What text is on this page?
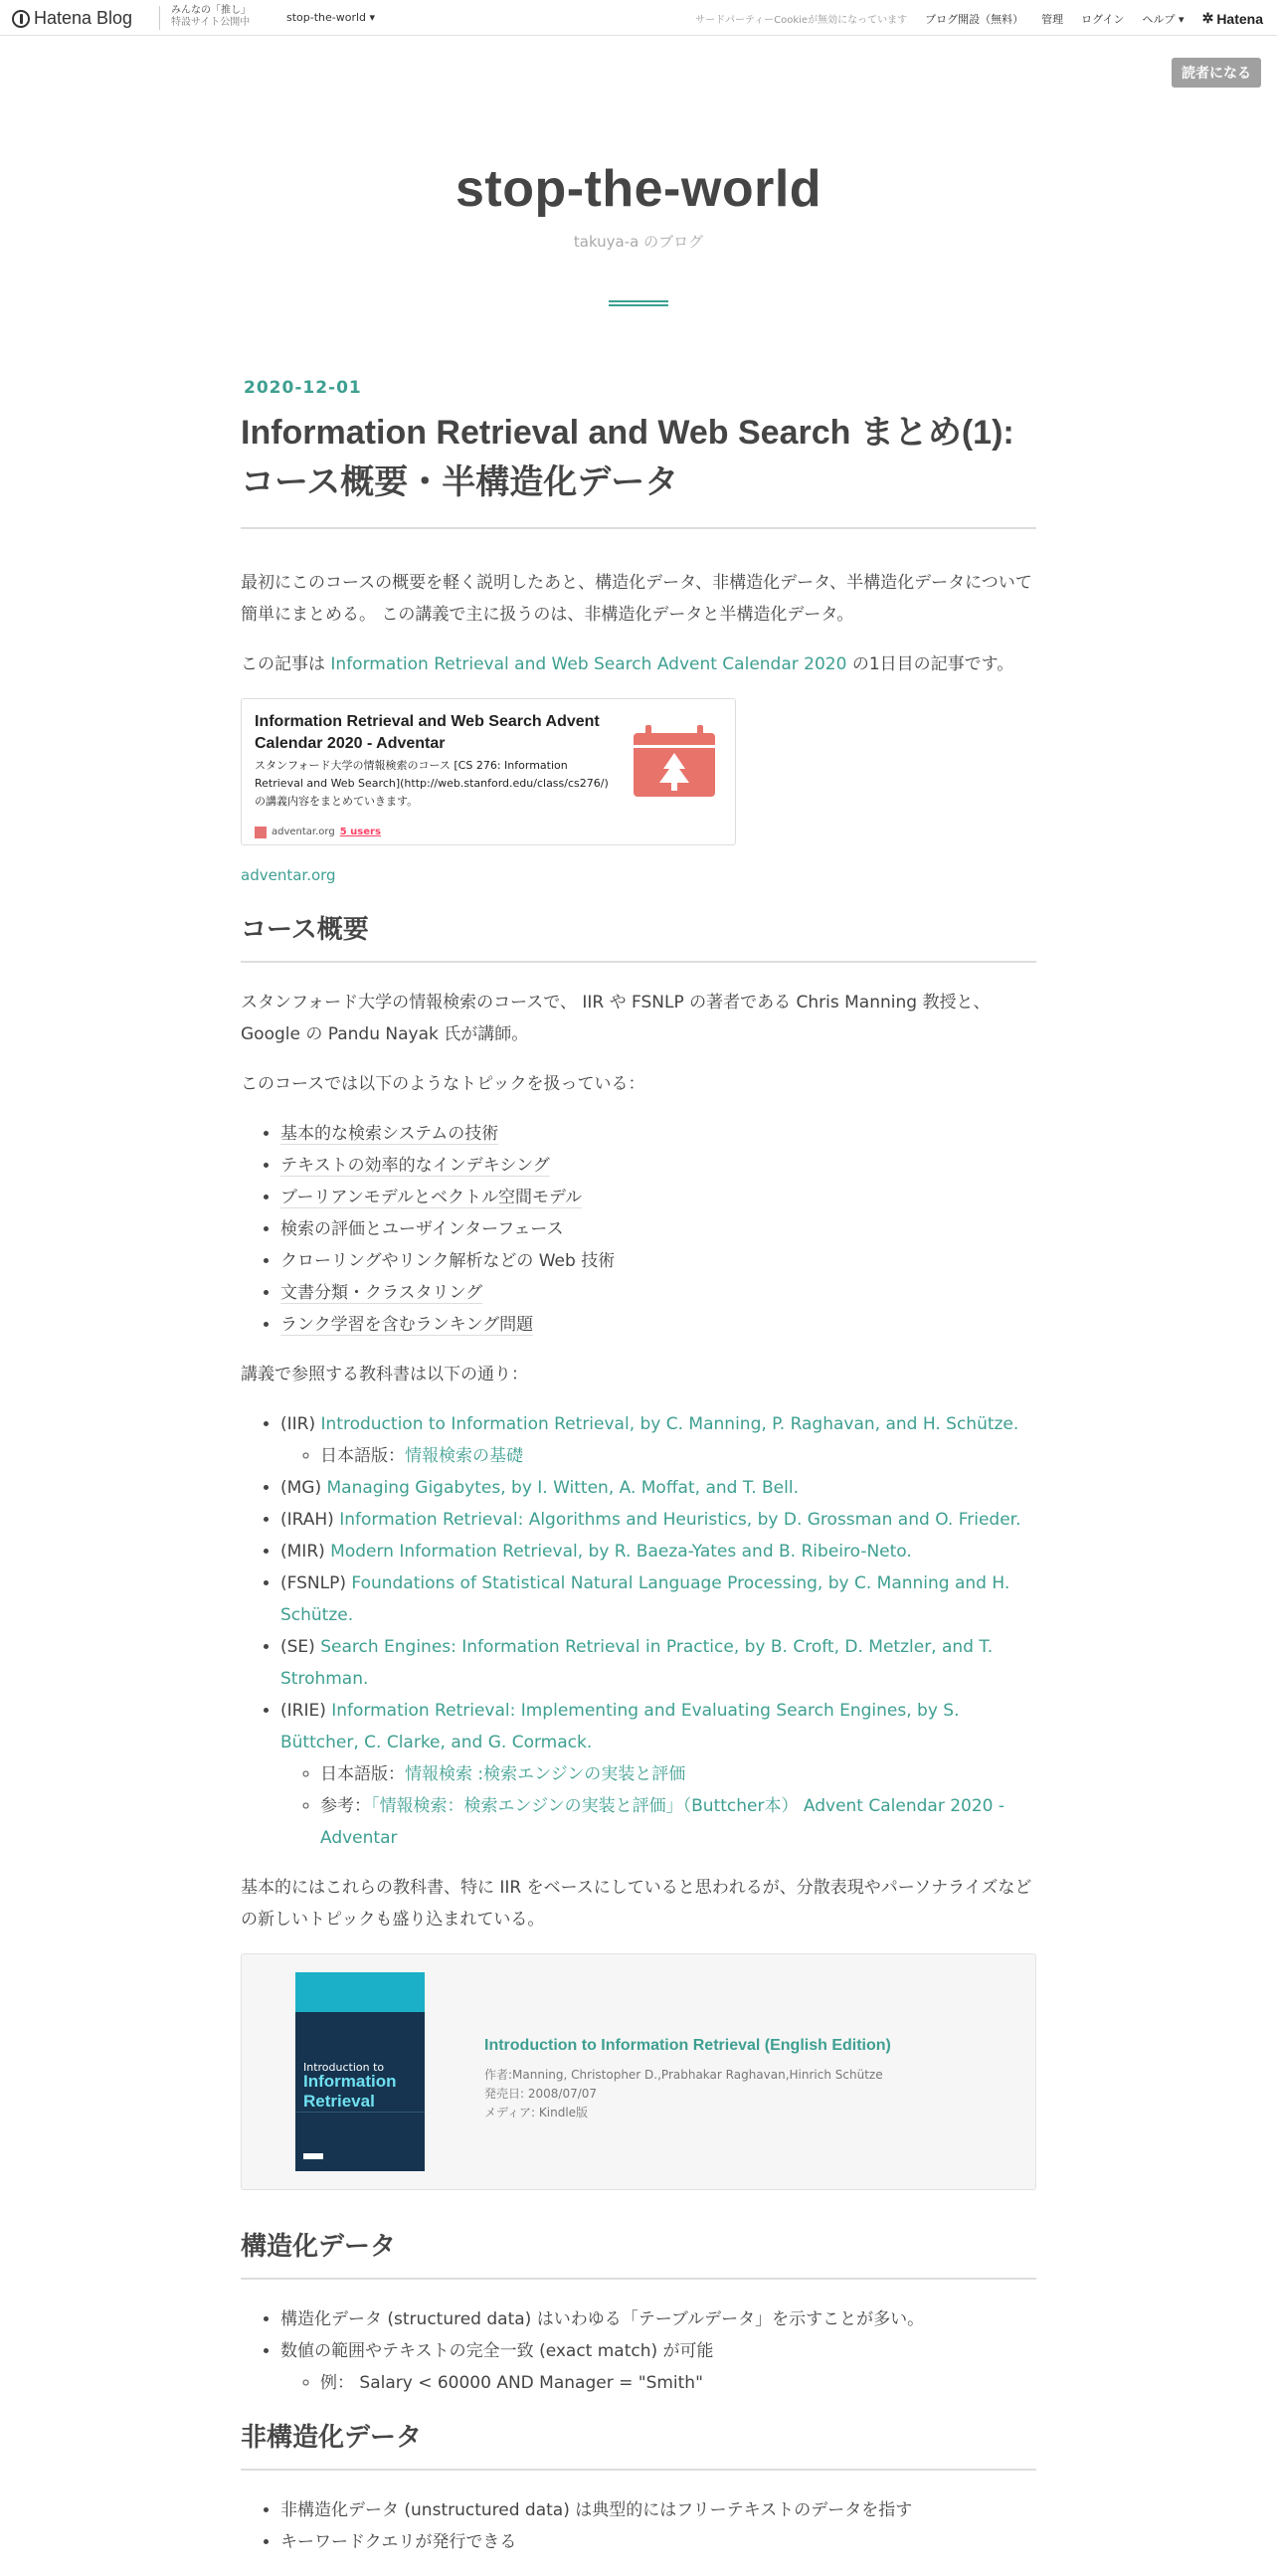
Hatena Blog	みんなの「推し」
特設サイト公開中	stop-the-world ▾	サードパーティーCookieが無効になっています ブログ開設（無料） 管理 ログイン ヘルプ ▾ ✲ Hatena
読者になる
stop-the-world
takuya-a のブログ
2020-12-01
Information Retrieval and Web Search まとめ(1): コース概要・半構造化データ

最初にこのコースの概要を軽く説明したあと、構造化データ、非構造化データ、半構造化データについて簡単にまとめる。 この講義で主に扱うのは、非構造化データと半構造化データ。

この記事は Information Retrieval and Web Search Advent Calendar 2020 の1日目の記事です。

Information Retrieval and Web Search Advent Calendar 2020 - Adventar
スタンフォード大学の情報検索のコース [CS 276: Information Retrieval and Web Search](http://web.stanford.edu/class/cs276/) の講義内容をまとめていきます。
adventar.org 5 users

adventar.org

コース概要

スタンフォード大学の情報検索のコースで、 IIR や FSNLP の著者である Chris Manning 教授と、Google の Pandu Nayak 氏が講師。

このコースでは以下のようなトピックを扱っている：

• 基本的な検索システムの技術
• テキストの効率的なインデキシング
• ブーリアンモデルとベクトル空間モデル
• 検索の評価とユーザインターフェース
• クローリングやリンク解析などの Web 技術
• 文書分類・クラスタリング
• ランク学習を含むランキング問題

講義で参照する教科書は以下の通り：

• (IIR) Introduction to Information Retrieval, by C. Manning, P. Raghavan, and H. Schütze.
◦ 日本語版：情報検索の基礎
• (MG) Managing Gigabytes, by I. Witten, A. Moffat, and T. Bell.
• (IRAH) Information Retrieval: Algorithms and Heuristics, by D. Grossman and O. Frieder.
• (MIR) Modern Information Retrieval, by R. Baeza-Yates and B. Ribeiro-Neto.
• (FSNLP) Foundations of Statistical Natural Language Processing, by C. Manning and H. Schütze.
• (SE) Search Engines: Information Retrieval in Practice, by B. Croft, D. Metzler, and T. Strohman.
• (IRIE) Information Retrieval: Implementing and Evaluating Search Engines, by S. Büttcher, C. Clarke, and G. Cormack.
◦ 日本語版：情報検索 :検索エンジンの実装と評価
◦ 参考：「情報検索：検索エンジンの実装と評価」（Buttcher本） Advent Calendar 2020 - Adventar

基本的にはこれらの教科書、特に IIR をベースにしていると思われるが、分散表現やパーソナライズなどの新しいトピックも盛り込まれている。

Introduction to
Information
Retrieval
Introduction to Information Retrieval (English Edition)
作者:Manning, Christopher D.,Prabhakar Raghavan,Hinrich Schütze
発売日: 2008/07/07
メディア: Kindle版
構造化データ
• 構造化データ (structured data) はいわゆる「テーブルデータ」を示すことが多い。
• 数値の範囲やテキストの完全一致 (exact match) が可能
◦ 例： Salary < 60000 AND Manager = "Smith"
非構造化データ
• 非構造化データ (unstructured data) は典型的にはフリーテキストのデータを指す
• キーワードクエリが発行できる
